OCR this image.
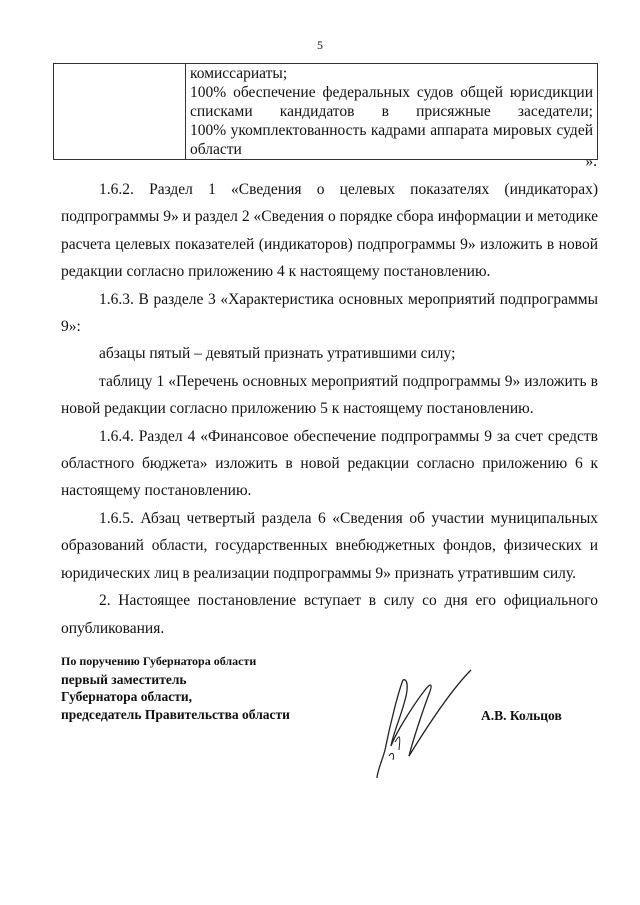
5

комиссариаты;
100% обеспечение федеральных судов общей юрисдикции
списками кандидатов в присяжные заседатели;
100% укомплектованность кадрами аппарата мировых судей
области
».

1.6.2. Раздел 1 «Сведения о целевых показателях (индикаторах) подпрограммы 9» и раздел 2 «Сведения о порядке сбора информации и методике расчета целевых показателей (индикаторов) подпрограммы 9» изложить в новой редакции согласно приложению 4 к настоящему постановлению.

1.6.3. В разделе 3 «Характеристика основных мероприятий подпрограммы 9»:

абзацы пятый – девятый признать утратившими силу;

таблицу 1 «Перечень основных мероприятий подпрограммы 9» изложить в новой редакции согласно приложению 5 к настоящему постановлению.

1.6.4. Раздел 4 «Финансовое обеспечение подпрограммы 9 за счет средств областного бюджета» изложить в новой редакции согласно приложению 6 к настоящему постановлению.

1.6.5. Абзац четвертый раздела 6 «Сведения об участии муниципальных образований области, государственных внебюджетных фондов, физических и юридических лиц в реализации подпрограммы 9» признать утратившим силу.

2. Настоящее постановление вступает в силу со дня его официального опубликования.

По поручению Губернатора области
первый заместитель
Губернатора области,
председатель Правительства области	А.В. Кольцов
